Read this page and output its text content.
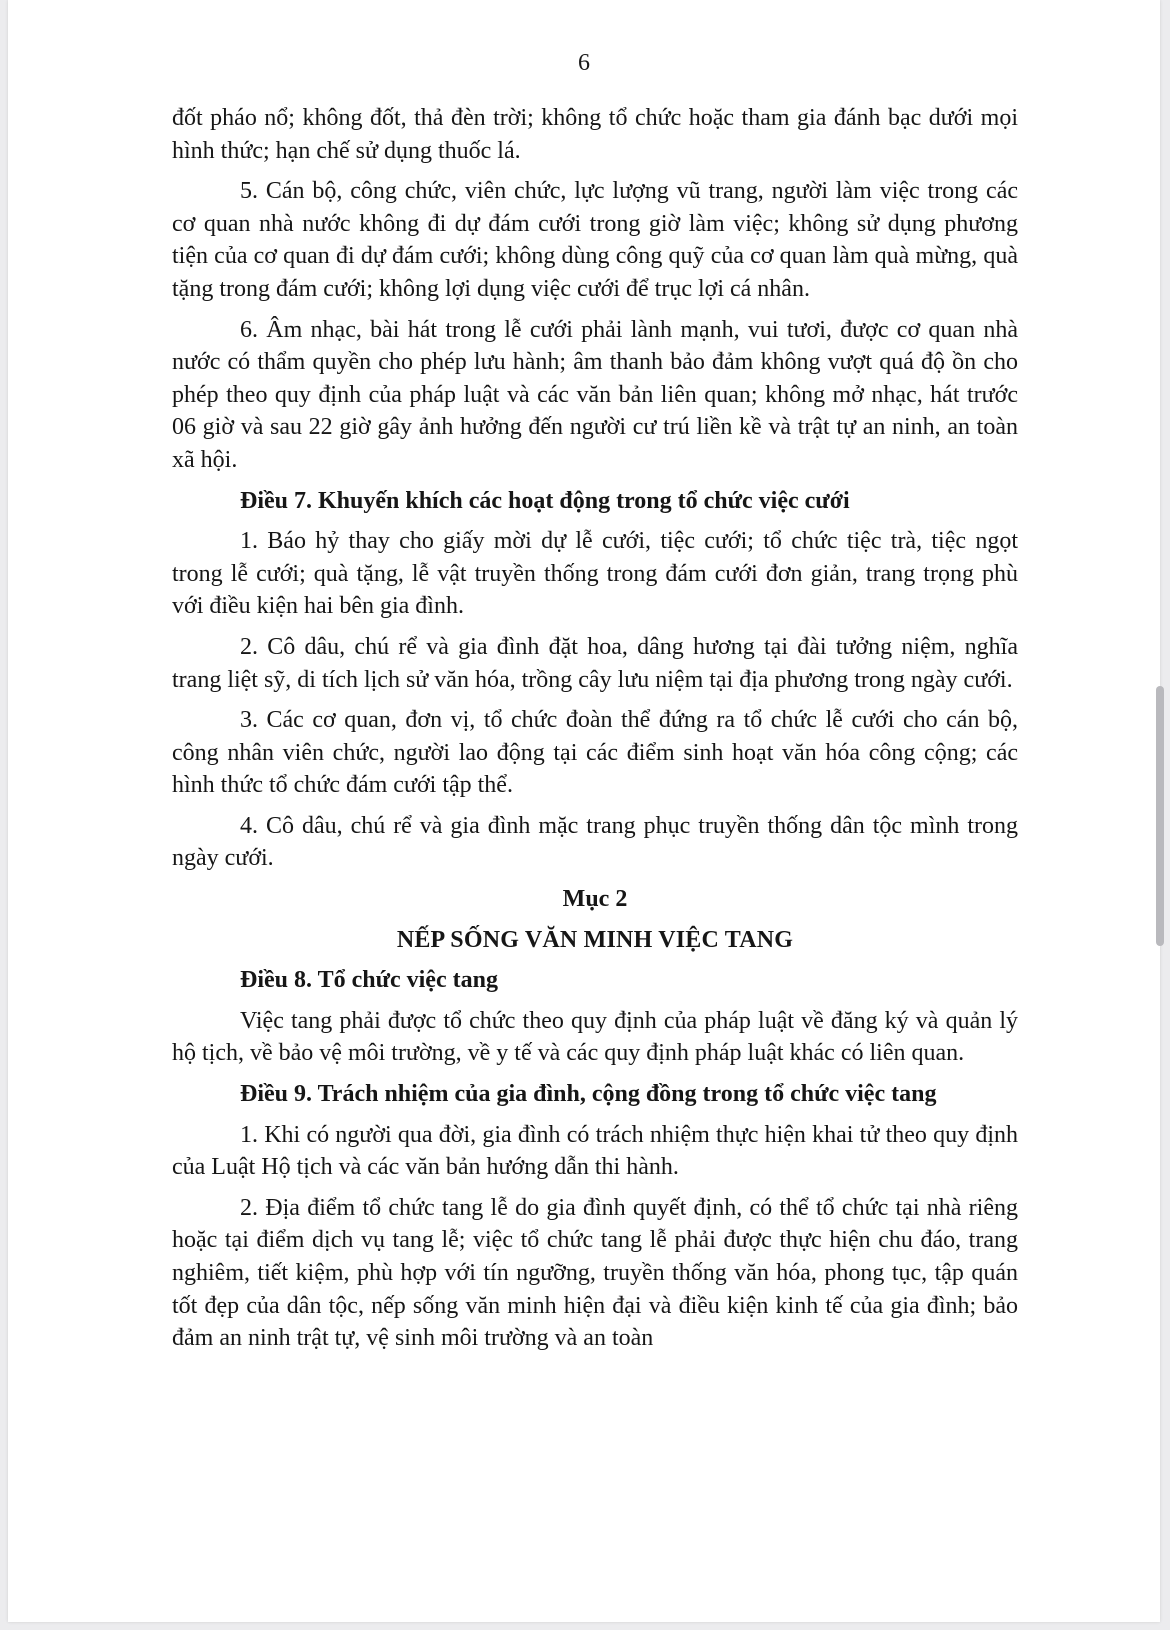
6

đốt pháo nổ; không đốt, thả đèn trời; không tổ chức hoặc tham gia đánh bạc dưới mọi hình thức; hạn chế sử dụng thuốc lá.

5. Cán bộ, công chức, viên chức, lực lượng vũ trang, người làm việc trong các cơ quan nhà nước không đi dự đám cưới trong giờ làm việc; không sử dụng phương tiện của cơ quan đi dự đám cưới; không dùng công quỹ của cơ quan làm quà mừng, quà tặng trong đám cưới; không lợi dụng việc cưới để trục lợi cá nhân.

6. Âm nhạc, bài hát trong lễ cưới phải lành mạnh, vui tươi, được cơ quan nhà nước có thẩm quyền cho phép lưu hành; âm thanh bảo đảm không vượt quá độ ồn cho phép theo quy định của pháp luật và các văn bản liên quan; không mở nhạc, hát trước 06 giờ và sau 22 giờ gây ảnh hưởng đến người cư trú liền kề và trật tự an ninh, an toàn xã hội.

Điều 7. Khuyến khích các hoạt động trong tổ chức việc cưới

1. Báo hỷ thay cho giấy mời dự lễ cưới, tiệc cưới; tổ chức tiệc trà, tiệc ngọt trong lễ cưới; quà tặng, lễ vật truyền thống trong đám cưới đơn giản, trang trọng phù với điều kiện hai bên gia đình.

2. Cô dâu, chú rể và gia đình đặt hoa, dâng hương tại đài tưởng niệm, nghĩa trang liệt sỹ, di tích lịch sử văn hóa, trồng cây lưu niệm tại địa phương trong ngày cưới.

3. Các cơ quan, đơn vị, tổ chức đoàn thể đứng ra tổ chức lễ cưới cho cán bộ, công nhân viên chức, người lao động tại các điểm sinh hoạt văn hóa công cộng; các hình thức tổ chức đám cưới tập thể.

4. Cô dâu, chú rể và gia đình mặc trang phục truyền thống dân tộc mình trong ngày cưới.

Mục 2

NẾP SỐNG VĂN MINH VIỆC TANG

Điều 8. Tổ chức việc tang

Việc tang phải được tổ chức theo quy định của pháp luật về đăng ký và quản lý hộ tịch, về bảo vệ môi trường, về y tế và các quy định pháp luật khác có liên quan.

Điều 9. Trách nhiệm của gia đình, cộng đồng trong tổ chức việc tang

1. Khi có người qua đời, gia đình có trách nhiệm thực hiện khai tử theo quy định của Luật Hộ tịch và các văn bản hướng dẫn thi hành.

2. Địa điểm tổ chức tang lễ do gia đình quyết định, có thể tổ chức tại nhà riêng hoặc tại điểm dịch vụ tang lễ; việc tổ chức tang lễ phải được thực hiện chu đáo, trang nghiêm, tiết kiệm, phù hợp với tín ngưỡng, truyền thống văn hóa, phong tục, tập quán tốt đẹp của dân tộc, nếp sống văn minh hiện đại và điều kiện kinh tế của gia đình; bảo đảm an ninh trật tự, vệ sinh môi trường và an toàn
